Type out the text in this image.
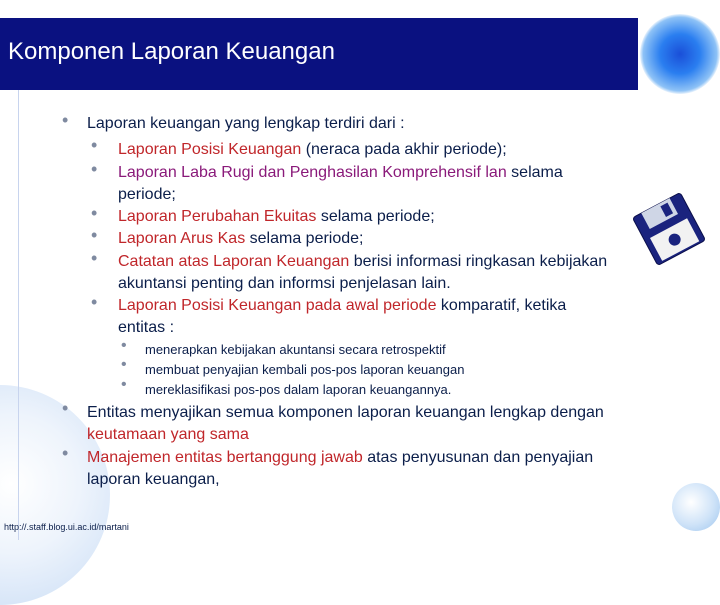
Komponen Laporan Keuangan
• Laporan keuangan yang lengkap terdiri dari :
• Laporan Posisi Keuangan (neraca pada akhir periode);
• Laporan Laba Rugi dan Penghasilan Komprehensif lan selama
periode;
• Laporan Perubahan Ekuitas selama periode;
• Laporan Arus Kas selama periode;
• Catatan atas Laporan Keuangan berisi informasi ringkasan kebijakan
akuntansi penting dan informsi penjelasan lain.
• Laporan Posisi Keuangan pada awal periode komparatif, ketika
entitas :
• menerapkan kebijakan akuntansi secara retrospektif
• membuat penyajian kembali pos-pos laporan keuangan
• mereklasifikasi pos-pos dalam laporan keuangannya.
• Entitas menyajikan semua komponen laporan keuangan lengkap dengan
keutamaan yang sama
• Manajemen entitas bertanggung jawab atas penyusunan dan penyajian
laporan keuangan,
http://.staff.blog.ui.ac.id/martani
